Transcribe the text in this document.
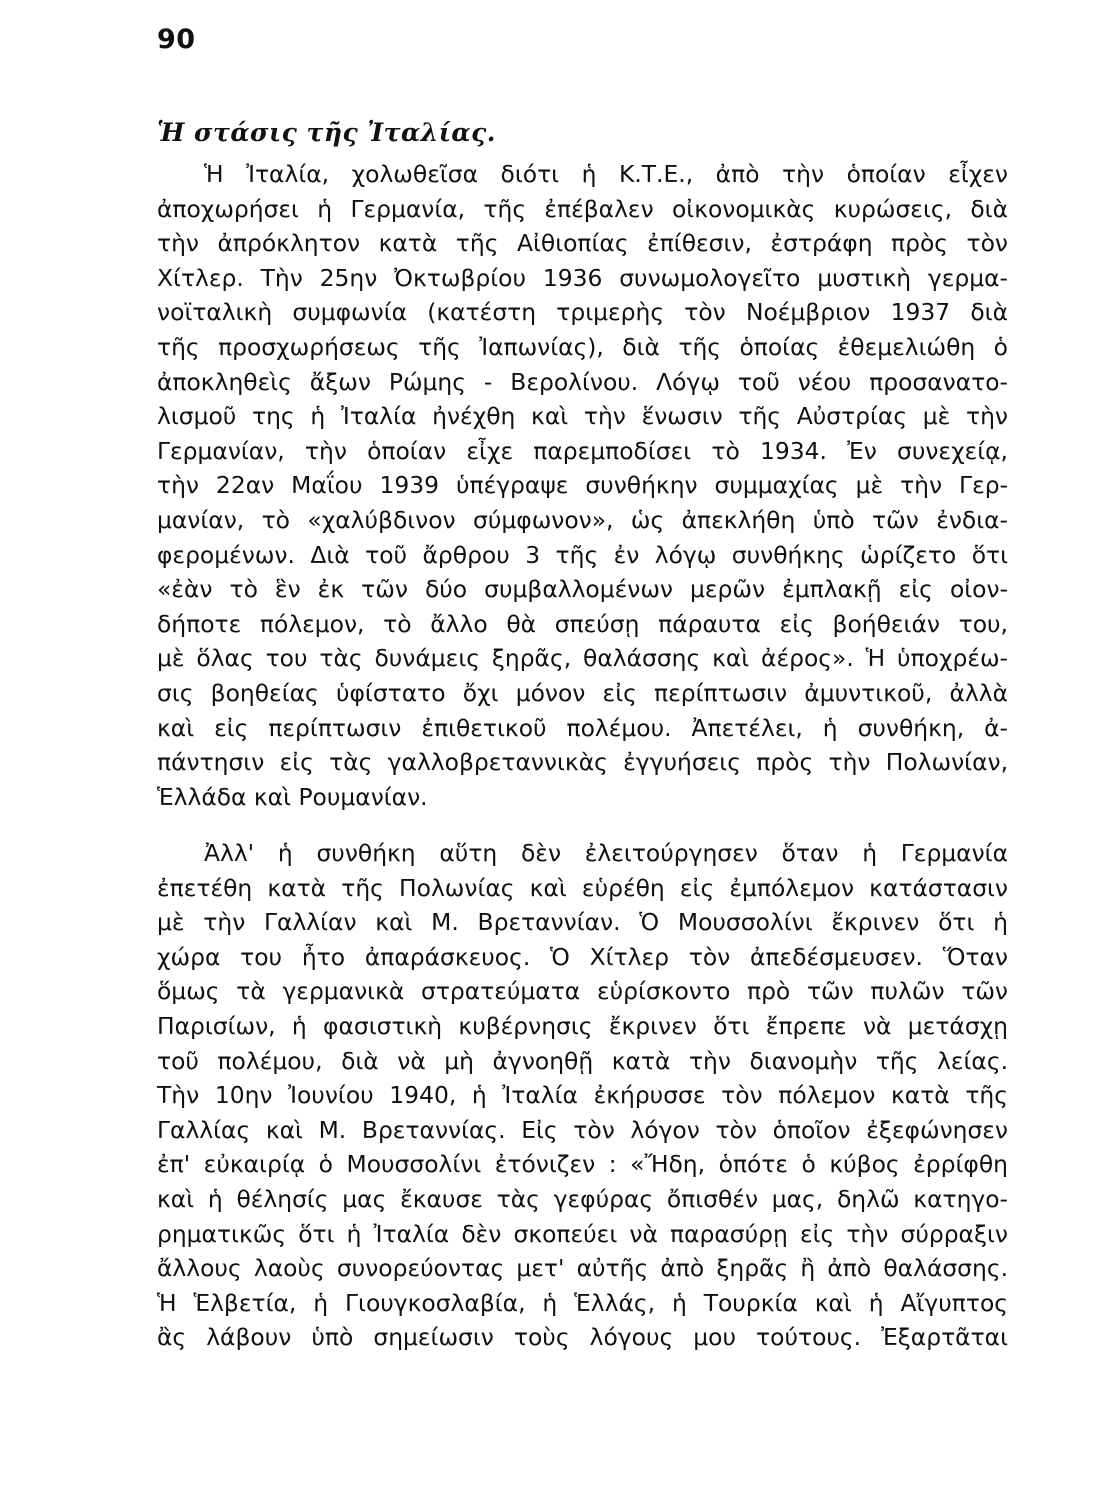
90
Ἡ στάσις τῆς Ἰταλίας.
Ἡ Ἰταλία, χολωθεῖσα διότι ἡ Κ.Τ.Ε., ἀπὸ τὴν ὁποίαν εἶχεν
ἀποχωρήσει ἡ Γερμανία, τῆς ἐπέβαλεν οἰκονομικὰς κυρώσεις, διὰ
τὴν ἀπρόκλητον κατὰ τῆς Αἰθιοπίας ἐπίθεσιν, ἐστράφη πρὸς τὸν
Χίτλερ. Τὴν 25ην Ὀκτωβρίου 1936 συνωμολογεῖτο μυστικὴ γερμα-
νοϊταλικὴ συμφωνία (κατέστη τριμερὴς τὸν Νοέμβριον 1937 διὰ
τῆς προσχωρήσεως τῆς Ἰαπωνίας), διὰ τῆς ὁποίας ἐθεμελιώθη ὁ
ἀποκληθεὶς ἄξων Ρώμης - Βερολίνου. Λόγῳ τοῦ νέου προσανατο-
λισμοῦ της ἡ Ἰταλία ἠνέχθη καὶ τὴν ἕνωσιν τῆς Αὐστρίας μὲ τὴν
Γερμανίαν, τὴν ὁποίαν εἶχε παρεμποδίσει τὸ 1934. Ἐν συνεχείᾳ,
τὴν 22αν Μαΐου 1939 ὑπέγραψε συνθήκην συμμαχίας μὲ τὴν Γερ-
μανίαν, τὸ «χαλύβδινον σύμφωνον», ὡς ἀπεκλήθη ὑπὸ τῶν ἐνδια-
φερομένων. Διὰ τοῦ ἄρθρου 3 τῆς ἐν λόγῳ συνθήκης ὡρίζετο ὅτι
«ἐὰν τὸ ἓν ἐκ τῶν δύο συμβαλλομένων μερῶν ἐμπλακῇ εἰς οἰον-
δήποτε πόλεμον, τὸ ἄλλο θὰ σπεύσῃ πάραυτα εἰς βοήθειάν του,
μὲ ὅλας του τὰς δυνάμεις ξηρᾶς, θαλάσσης καὶ ἀέρος». Ἡ ὑποχρέω-
σις βοηθείας ὑφίστατο ὄχι μόνον εἰς περίπτωσιν ἀμυντικοῦ, ἀλλὰ
καὶ εἰς περίπτωσιν ἐπιθετικοῦ πολέμου. Ἀπετέλει, ἡ συνθήκη, ἀ-
πάντησιν εἰς τὰς γαλλοβρεταννικὰς ἐγγυήσεις πρὸς τὴν Πολωνίαν,
Ἑλλάδα καὶ Ρουμανίαν.
Ἀλλ' ἡ συνθήκη αὕτη δὲν ἐλειτούργησεν ὅταν ἡ Γερμανία
ἐπετέθη κατὰ τῆς Πολωνίας καὶ εὑρέθη εἰς ἐμπόλεμον κατάστασιν
μὲ τὴν Γαλλίαν καὶ Μ. Βρεταννίαν. Ὁ Μουσσολίνι ἔκρινεν ὅτι ἡ
χώρα του ἦτο ἀπαράσκευος. Ὁ Χίτλερ τὸν ἀπεδέσμευσεν. Ὅταν
ὅμως τὰ γερμανικὰ στρατεύματα εὑρίσκοντο πρὸ τῶν πυλῶν τῶν
Παρισίων, ἡ φασιστικὴ κυβέρνησις ἔκρινεν ὅτι ἔπρεπε νὰ μετάσχῃ
τοῦ πολέμου, διὰ νὰ μὴ ἀγνοηθῇ κατὰ τὴν διανομὴν τῆς λείας.
Τὴν 10ην Ἰουνίου 1940, ἡ Ἰταλία ἐκήρυσσε τὸν πόλεμον κατὰ τῆς
Γαλλίας καὶ Μ. Βρεταννίας. Εἰς τὸν λόγον τὸν ὁποῖον ἐξεφώνησεν
ἐπ' εὐκαιρίᾳ ὁ Μουσσολίνι ἐτόνιζεν : «Ἤδη, ὁπότε ὁ κύβος ἐρρίφθη
καὶ ἡ θέλησίς μας ἔκαυσε τὰς γεφύρας ὄπισθέν μας, δηλῶ κατηγο-
ρηματικῶς ὅτι ἡ Ἰταλία δὲν σκοπεύει νὰ παρασύρῃ εἰς τὴν σύρραξιν
ἄλλους λαοὺς συνορεύοντας μετ' αὐτῆς ἀπὸ ξηρᾶς ἢ ἀπὸ θαλάσσης.
Ἡ Ἑλβετία, ἡ Γιουγκοσλαβία, ἡ Ἑλλάς, ἡ Τουρκία καὶ ἡ Αἴγυπτος
ἂς λάβουν ὑπὸ σημείωσιν τοὺς λόγους μου τούτους. Ἐξαρτᾶται
